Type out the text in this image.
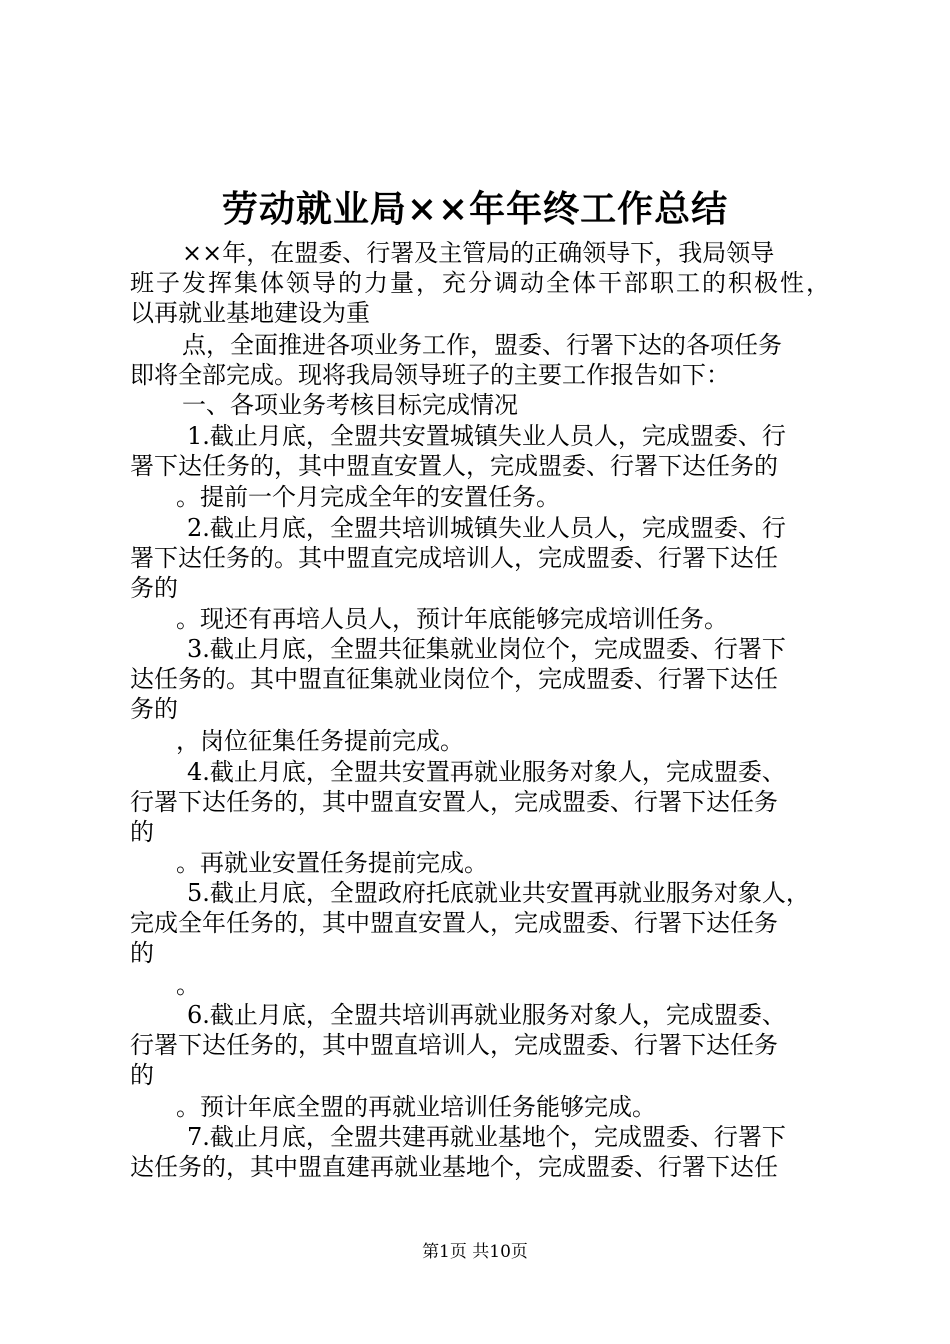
劳动就业局××年年终工作总结
××年，在盟委、行署及主管局的正确领导下，我局领导
班子发挥集体领导的力量，充分调动全体干部职工的积极性，
以再就业基地建设为重
点，全面推进各项业务工作，盟委、行署下达的各项任务
即将全部完成。现将我局领导班子的主要工作报告如下：
一、各项业务考核目标完成情况
1.截止月底，全盟共安置城镇失业人员人，完成盟委、行
署下达任务的，其中盟直安置人，完成盟委、行署下达任务的
。提前一个月完成全年的安置任务。
2.截止月底，全盟共培训城镇失业人员人，完成盟委、行
署下达任务的。其中盟直完成培训人，完成盟委、行署下达任
务的
。现还有再培人员人，预计年底能够完成培训任务。
3.截止月底，全盟共征集就业岗位个，完成盟委、行署下
达任务的。其中盟直征集就业岗位个，完成盟委、行署下达任
务的
，岗位征集任务提前完成。
4.截止月底，全盟共安置再就业服务对象人，完成盟委、
行署下达任务的，其中盟直安置人，完成盟委、行署下达任务
的
。再就业安置任务提前完成。
5.截止月底，全盟政府托底就业共安置再就业服务对象人，
完成全年任务的，其中盟直安置人，完成盟委、行署下达任务
的
。
6.截止月底，全盟共培训再就业服务对象人，完成盟委、
行署下达任务的，其中盟直培训人，完成盟委、行署下达任务
的
。预计年底全盟的再就业培训任务能够完成。
7.截止月底，全盟共建再就业基地个，完成盟委、行署下
达任务的，其中盟直建再就业基地个，完成盟委、行署下达任
第1页 共10页
